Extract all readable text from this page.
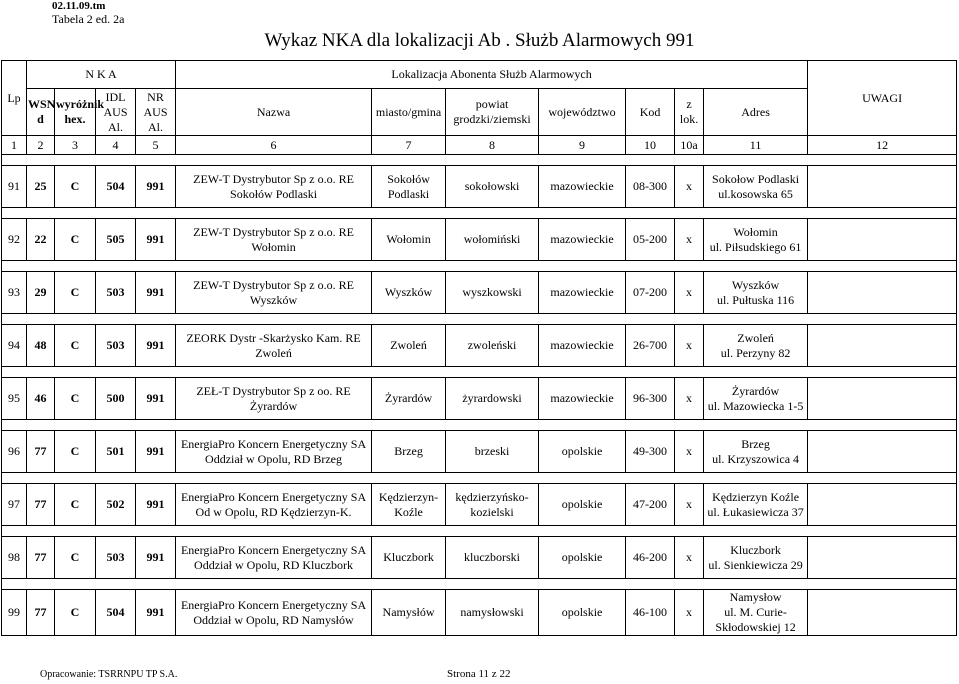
02.11.09.tm
Tabela 2 ed. 2a
Wykaz NKA dla lokalizacji Ab . Służb Alarmowych 991
Lp	N K A				Lokalizacja Abonenta Służb Alarmowych							UWAGI
	WSN d	wyróżnik hex.	IDL AUS Al.	NR AUS Al.	Nazwa	miasto/gmina	powiat grodzki/ziemski	województwo	Kod	z lok.	Adres	
1	2	3	4	5	6	7	8	9	10	10a	11	12

91	25	C	504	991	ZEW-T Dystrybutor Sp z o.o. RE Sokołów Podlaski	Sokołów Podlaski	sokołowski	mazowieckie	08-300	x	Sokołow Podlaski
ul.kosowska 65	

92	22	C	505	991	ZEW-T Dystrybutor Sp z o.o. RE Wołomin	Wołomin	wołomiński	mazowieckie	05-200	x	Wołomin
ul. Piłsudskiego 61	

93	29	C	503	991	ZEW-T Dystrybutor Sp z o.o. RE Wyszków	Wyszków	wyszkowski	mazowieckie	07-200	x	Wyszków
ul. Pułtuska 116	

94	48	C	503	991	ZEORK Dystr -Skarżysko Kam. RE Zwoleń	Zwoleń	zwoleński	mazowieckie	26-700	x	Zwoleń
ul. Perzyny 82	

95	46	C	500	991	ZEŁ-T Dystrybutor Sp z oo. RE Żyrardów	Żyrardów	żyrardowski	mazowieckie	96-300	x	Żyrardów
ul. Mazowiecka 1-5	

96	77	C	501	991	EnergiaPro Koncern Energetyczny SA Oddział w Opolu, RD Brzeg	Brzeg	brzeski	opolskie	49-300	x	Brzeg
ul. Krzyszowica 4	

97	77	C	502	991	EnergiaPro Koncern Energetyczny SA Od w Opolu, RD Kędzierzyn-K.	Kędzierzyn-Koźle	kędzierzyńsko-kozielski	opolskie	47-200	x	Kędzierzyn Koźle
ul. Łukasiewicza 37	

98	77	C	503	991	EnergiaPro Koncern Energetyczny SA Oddział w Opolu, RD Kluczbork	Kluczbork	kluczborski	opolskie	46-200	x	Kluczbork
ul. Sienkiewicza 29	

99	77	C	504	991	EnergiaPro Koncern Energetyczny SA Oddział w Opolu, RD Namysłów	Namysłów	namysłowski	opolskie	46-100	x	Namysłow
ul. M. Curie-Skłodowskiej 12	

Opracowanie: TSRRNPU TP S.A.	Strona 11 z 22
